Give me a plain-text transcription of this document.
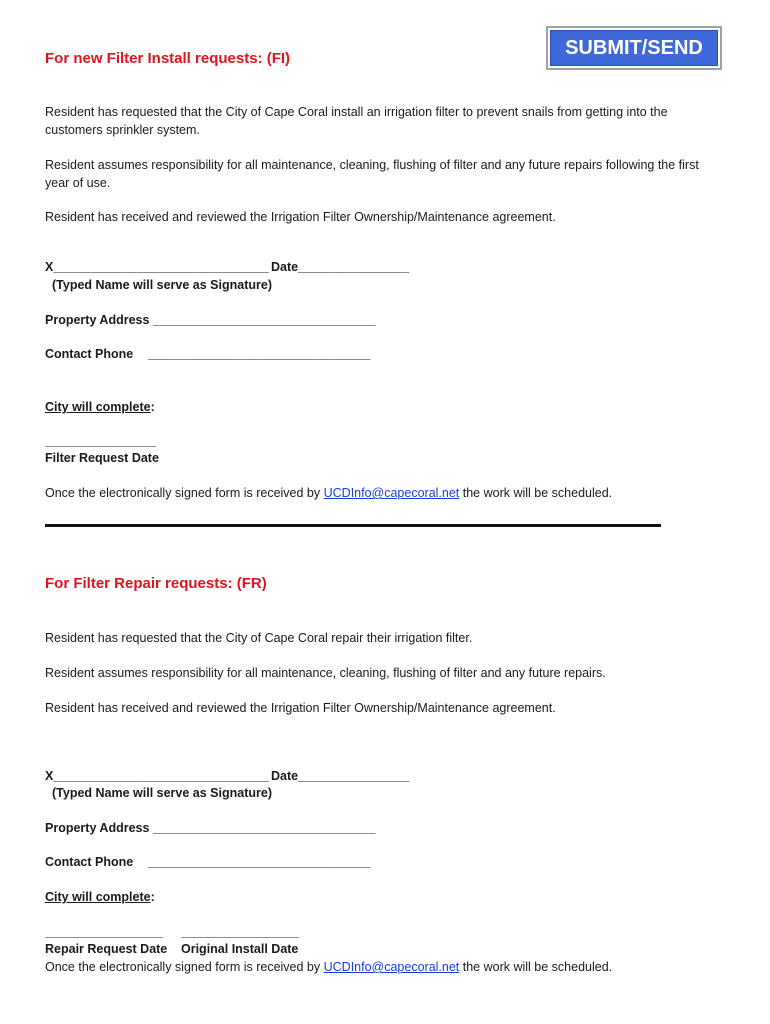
SUBMIT/SEND
For new Filter Install requests: (FI)
Resident has requested that the City of Cape Coral install an irrigation filter to prevent snails from getting into the customers sprinkler system.
Resident assumes responsibility for all maintenance, cleaning, flushing of filter and any future repairs following the first year of use.
Resident has received and reviewed the Irrigation Filter Ownership/Maintenance agreement.
X_______________________________ Date________________
(Typed Name will serve as Signature)
Property Address ________________________________
Contact Phone ________________________________
City will complete:
________________
Filter Request Date
Once the electronically signed form is received by UCDInfo@capecoral.net the work will be scheduled.
For Filter Repair requests: (FR)
Resident has requested that the City of Cape Coral repair their irrigation filter.
Resident assumes responsibility for all maintenance, cleaning, flushing of filter and any future repairs.
Resident has received and reviewed the Irrigation Filter Ownership/Maintenance agreement.
X_______________________________ Date________________
(Typed Name will serve as Signature)
Property Address ________________________________
Contact Phone ________________________________
City will complete:
_________________ _________________
Repair Request Date Original Install Date
Once the electronically signed form is received by UCDInfo@capecoral.net the work will be scheduled.
